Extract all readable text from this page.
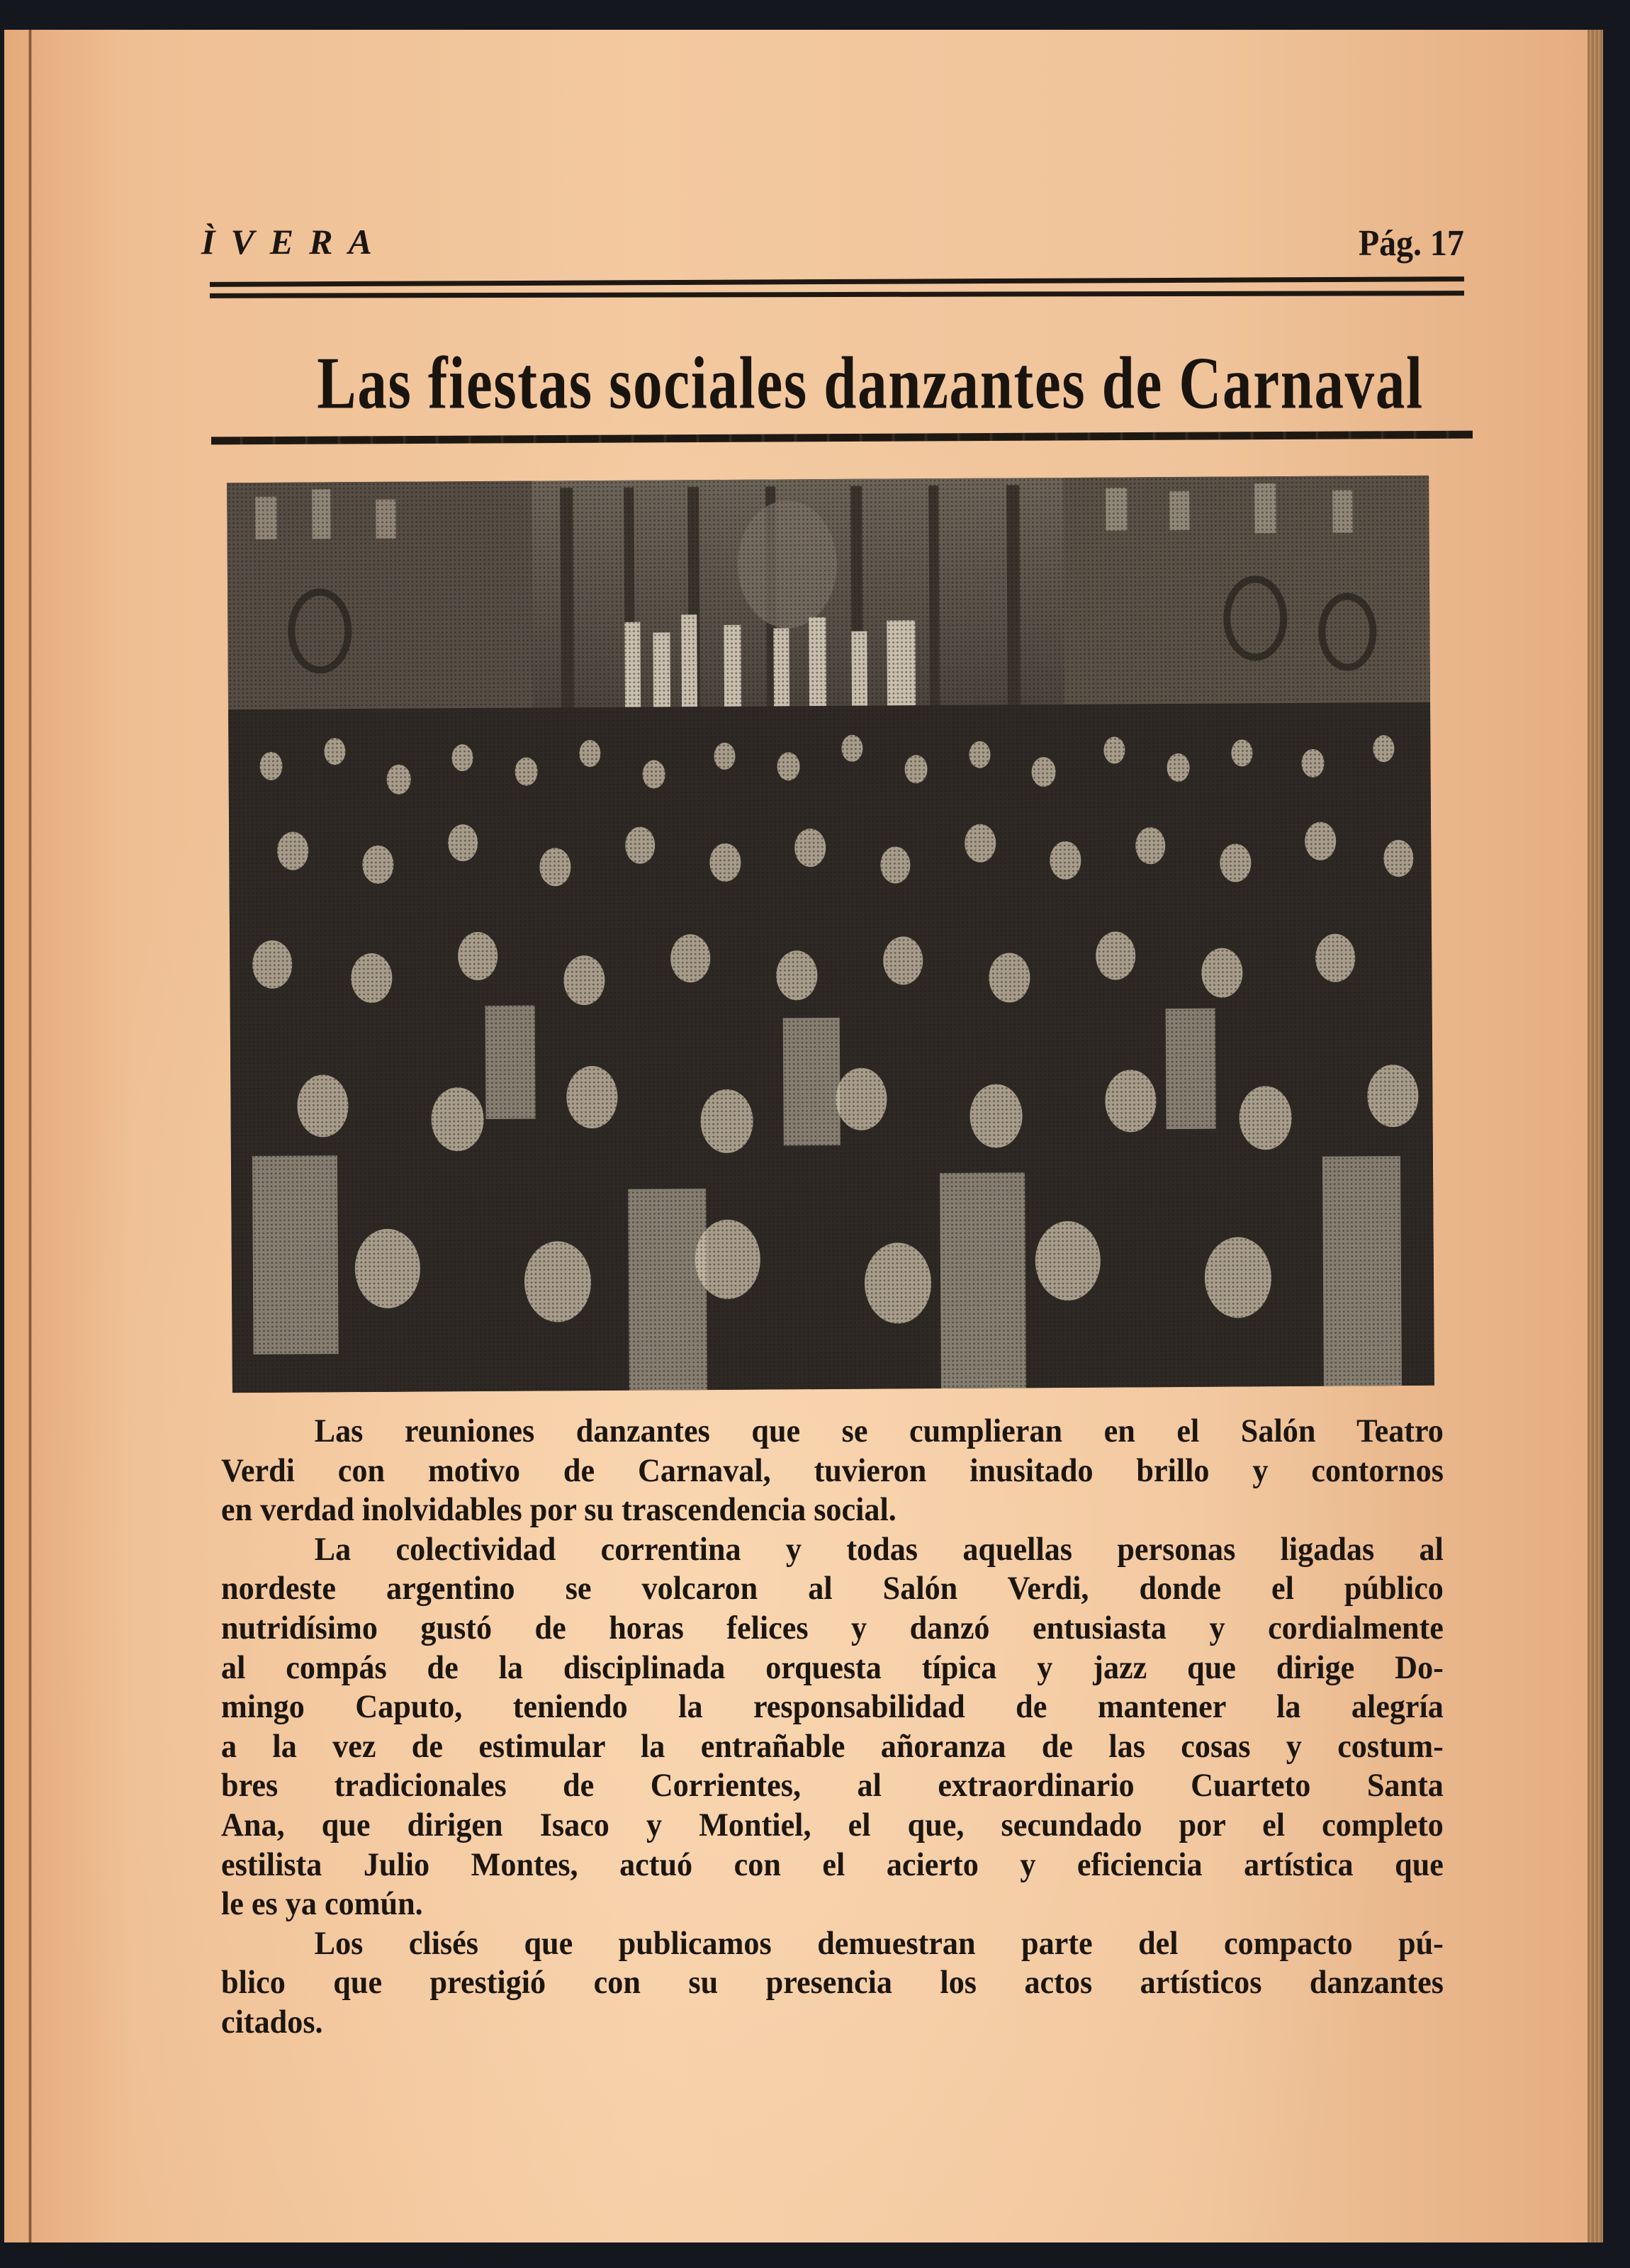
ÌVERA	Pág. 17
Las fiestas sociales danzantes de Carnaval

Las reuniones danzantes que se cumplieran en el Salón Teatro
Verdi con motivo de Carnaval, tuvieron inusitado brillo y contornos
en verdad inolvidables por su trascendencia social.

La colectividad correntina y todas aquellas personas ligadas al
nordeste argentino se volcaron al Salón Verdi, donde el público
nutridísimo gustó de horas felices y danzó entusiasta y cordialmente
al compás de la disciplinada orquesta típica y jazz que dirige Do-
mingo Caputo, teniendo la responsabilidad de mantener la alegría
a la vez de estimular la entrañable añoranza de las cosas y costum-
bres tradicionales de Corrientes, al extraordinario Cuarteto Santa
Ana, que dirigen Isaco y Montiel, el que, secundado por el completo
estilista Julio Montes, actuó con el acierto y eficiencia artística que
le es ya común.

Los clisés que publicamos demuestran parte del compacto pú-
blico que prestigió con su presencia los actos artísticos danzantes
citados.
